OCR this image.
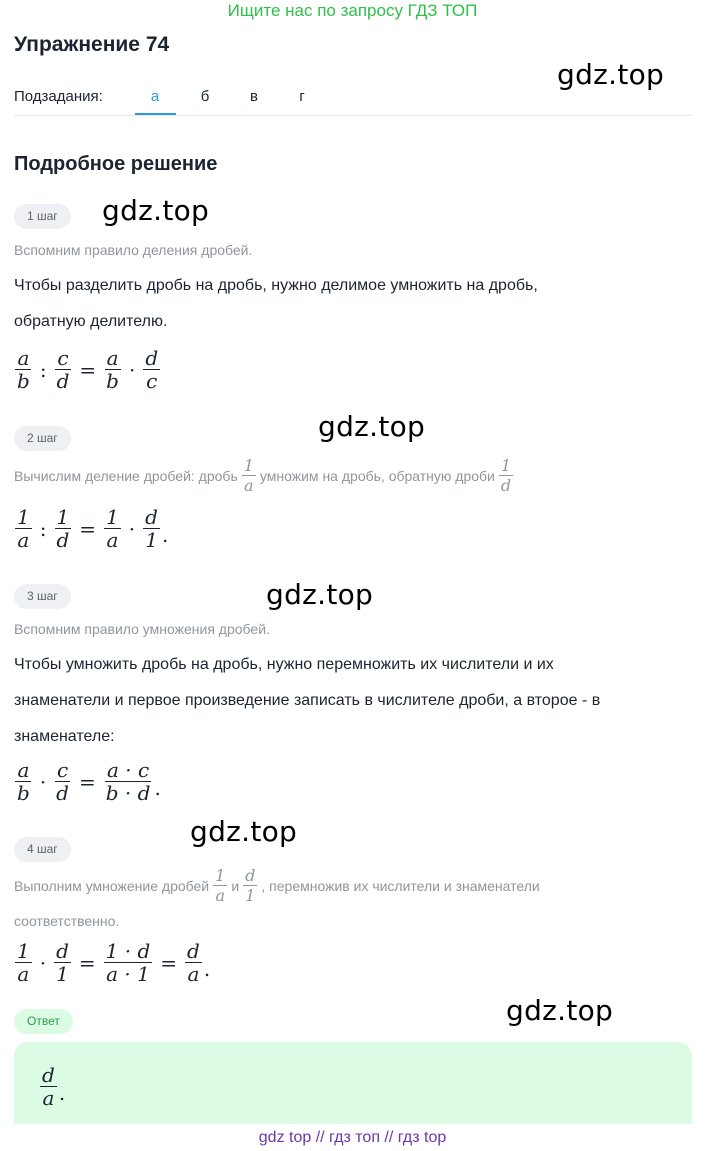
Ищите нас по запросу ГДЗ ТОП
Упражнение 74
gdz.top
Подзадания:	а	б	в	г
Подробное решение
1 шаг	gdz.top
Вспомним правило деления дробей.
Чтобы разделить дробь на дробь, нужно делимое умножить на дробь,
обратную делителю.
$\frac{a}{b}$ : $\frac{c}{d} = \frac{a}{b} \cdot \frac{d}{c}$
gdz.top
2 шаг
Вычислим деление дробей: дробь $\frac{1}{a}$ умножим на дробь, обратную дроби $\frac{1}{d}$
$\frac{1}{a}$ : $\frac{1}{d} = \frac{1}{a} \cdot \frac{d}{1}$ .
3 шаг	gdz.top
Вспомним правило умножения дробей.
Чтобы умножить дробь на дробь, нужно перемножить их числители и их
знаменатели и первое произведение записать в числителе дроби, а второе - в
знаменателе:
$\frac{a}{b} \cdot \frac{c}{d} = \frac{a \cdot c}{b \cdot d}$ .
gdz.top
4 шаг
Выполним умножение дробей $\frac{1}{a}$ и $\frac{d}{1}$ , перемножив их числители и знаменатели
соответственно.
$\frac{1}{a} \cdot \frac{d}{1} = \frac{1 \cdot d}{a \cdot 1} = \frac{d}{a}$ .
gdz.top
Ответ
$\frac{d}{a}$ .
gdz top // гдз топ // гдз top
